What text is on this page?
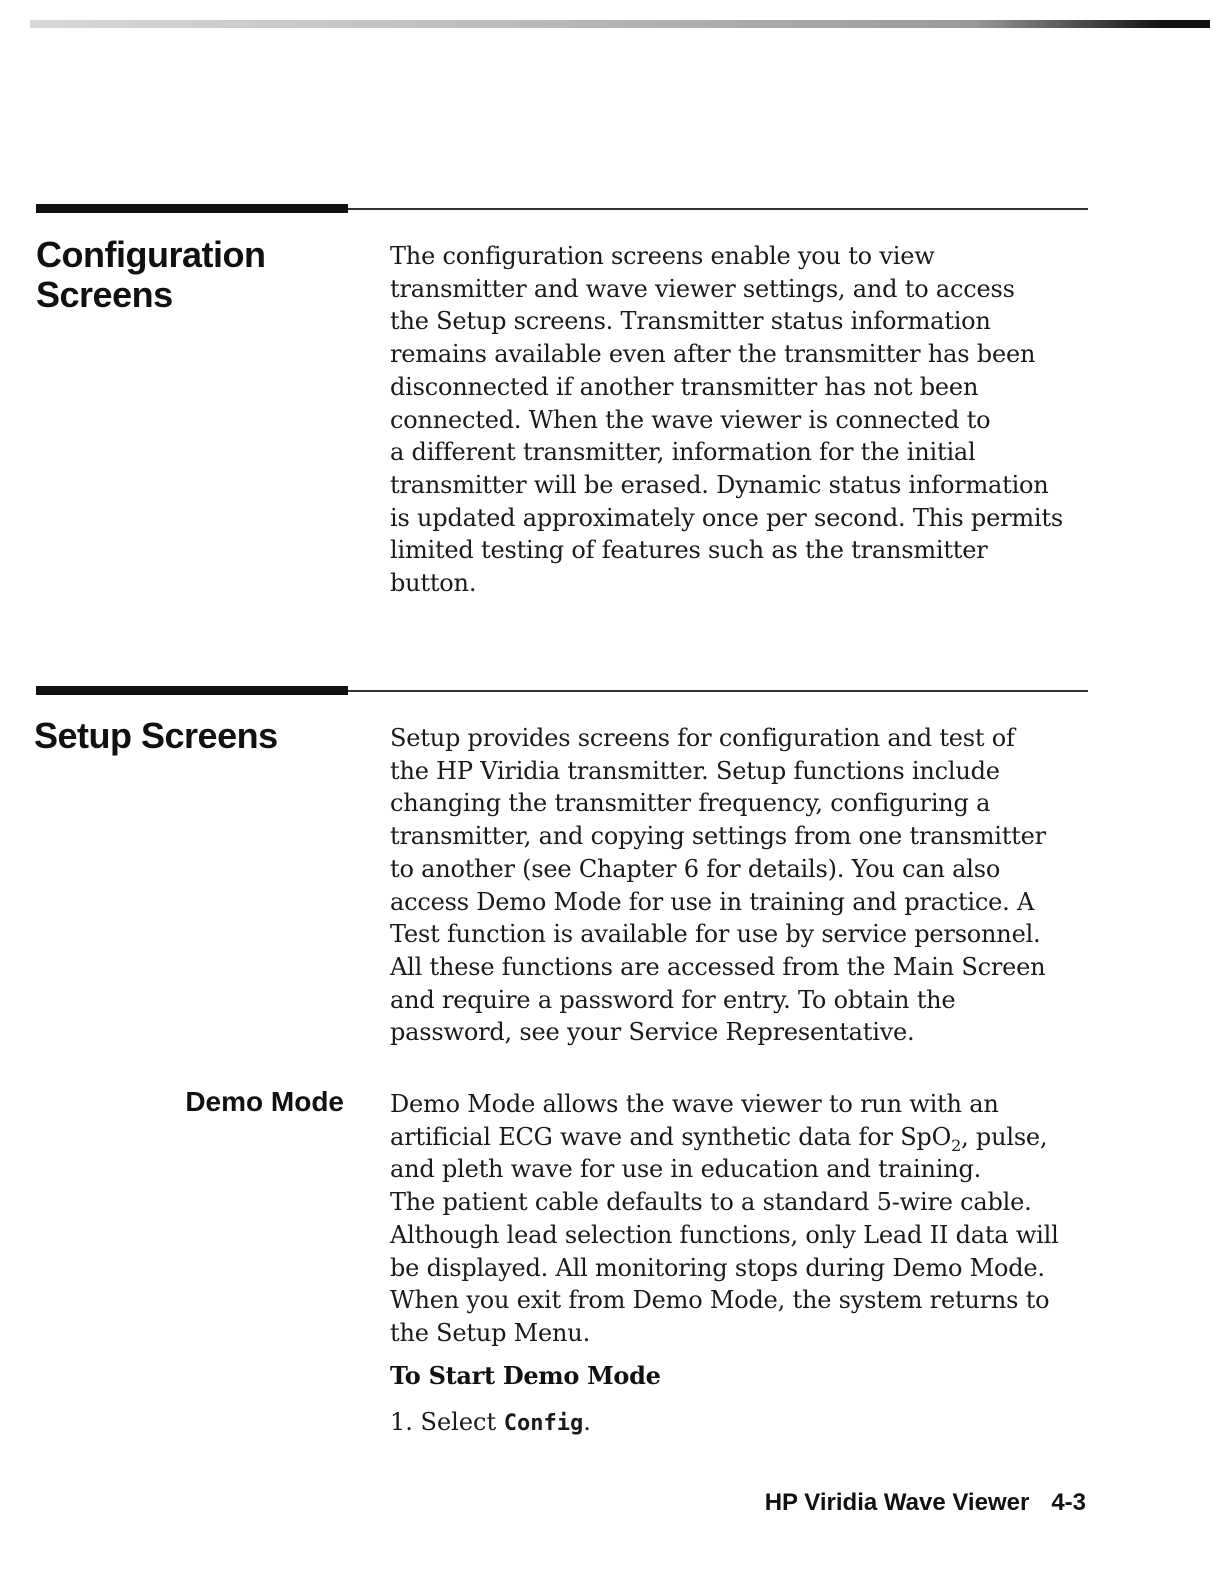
Configuration
Screens
The configuration screens enable you to view
transmitter and wave viewer settings, and to access
the Setup screens. Transmitter status information
remains available even after the transmitter has been
disconnected if another transmitter has not been
connected. When the wave viewer is connected to
a different transmitter, information for the initial
transmitter will be erased. Dynamic status information
is updated approximately once per second. This permits
limited testing of features such as the transmitter
button.
Setup Screens	Setup provides screens for configuration and test of
the HP Viridia transmitter. Setup functions include
changing the transmitter frequency, configuring a
transmitter, and copying settings from one transmitter
to another (see Chapter 6 for details). You can also
access Demo Mode for use in training and practice. A
Test function is available for use by service personnel.
All these functions are accessed from the Main Screen
and require a password for entry. To obtain the
password, see your Service Representative.
Demo Mode Demo Mode allows the wave viewer to run with an
artificial ECG wave and synthetic data for SpO$_2$, pulse,
and pleth wave for use in education and training.
The patient cable defaults to a standard 5-wire cable.
Although lead selection functions, only Lead II data will
be displayed. All monitoring stops during Demo Mode.
When you exit from Demo Mode, the system returns to
the Setup Menu.
To Start Demo Mode
1. Select Config.
HP Viridia Wave Viewer 4-3
